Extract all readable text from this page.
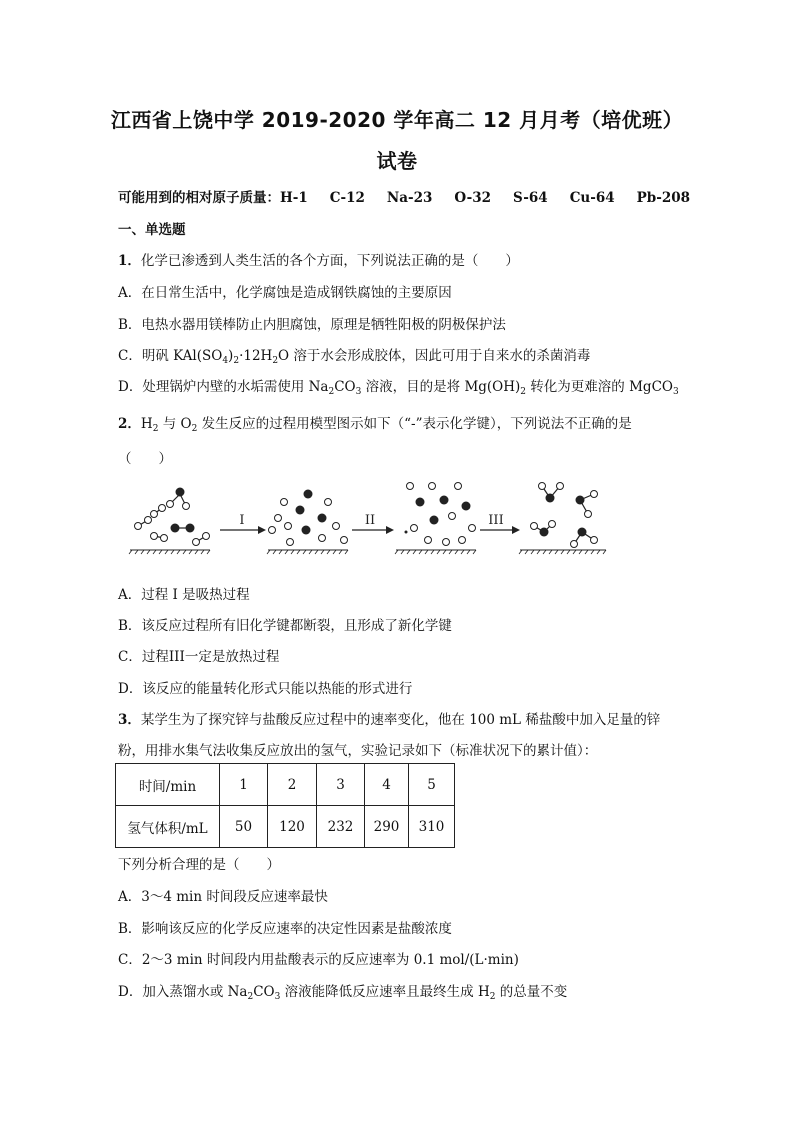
江西省上饶中学 2019-2020 学年高二 12 月月考（培优班）
试卷
可能用到的相对原子质量：H-1 C-12 Na-23 O-32 S-64 Cu-64 Pb-208
一、单选题
1．化学已渗透到人类生活的各个方面，下列说法正确的是（　　）
A．在日常生活中，化学腐蚀是造成钢铁腐蚀的主要原因
B．电热水器用镁棒防止内胆腐蚀，原理是牺牲阳极的阴极保护法
C．明矾 $KAl(SO_4)_2\cdot 12H_2O$ 溶于水会形成胶体，因此可用于自来水的杀菌消毒
D．处理锅炉内壁的水垢需使用 $Na_2CO_3$ 溶液，目的是将 $Mg(OH)_2$ 转化为更难溶的 MgCO$_3$
2．$H_2$ 与 $O_2$ 发生反应的过程用模型图示如下（“-”表示化学键），下列说法不正确的是
（　　）
I	II	III
A．过程 I 是吸热过程
B．该反应过程所有旧化学键都断裂，且形成了新化学键
C．过程III一定是放热过程
D．该反应的能量转化形式只能以热能的形式进行
3．某学生为了探究锌与盐酸反应过程中的速率变化，他在 100 mL 稀盐酸中加入足量的锌
粉，用排水集气法收集反应放出的氢气，实验记录如下（标准状况下的累计值）：
时间/min	1	2	3	4	5
氢气体积/mL	50	120	232	290	310
下列分析合理的是（　　）
A．3～4 min 时间段反应速率最快
B．影响该反应的化学反应速率的决定性因素是盐酸浓度
C．2～3 min 时间段内用盐酸表示的反应速率为 0.1 mol/(L·min)
D．加入蒸馏水或 $Na_2CO_3$ 溶液能降低反应速率且最终生成 $H_2$ 的总量不变
